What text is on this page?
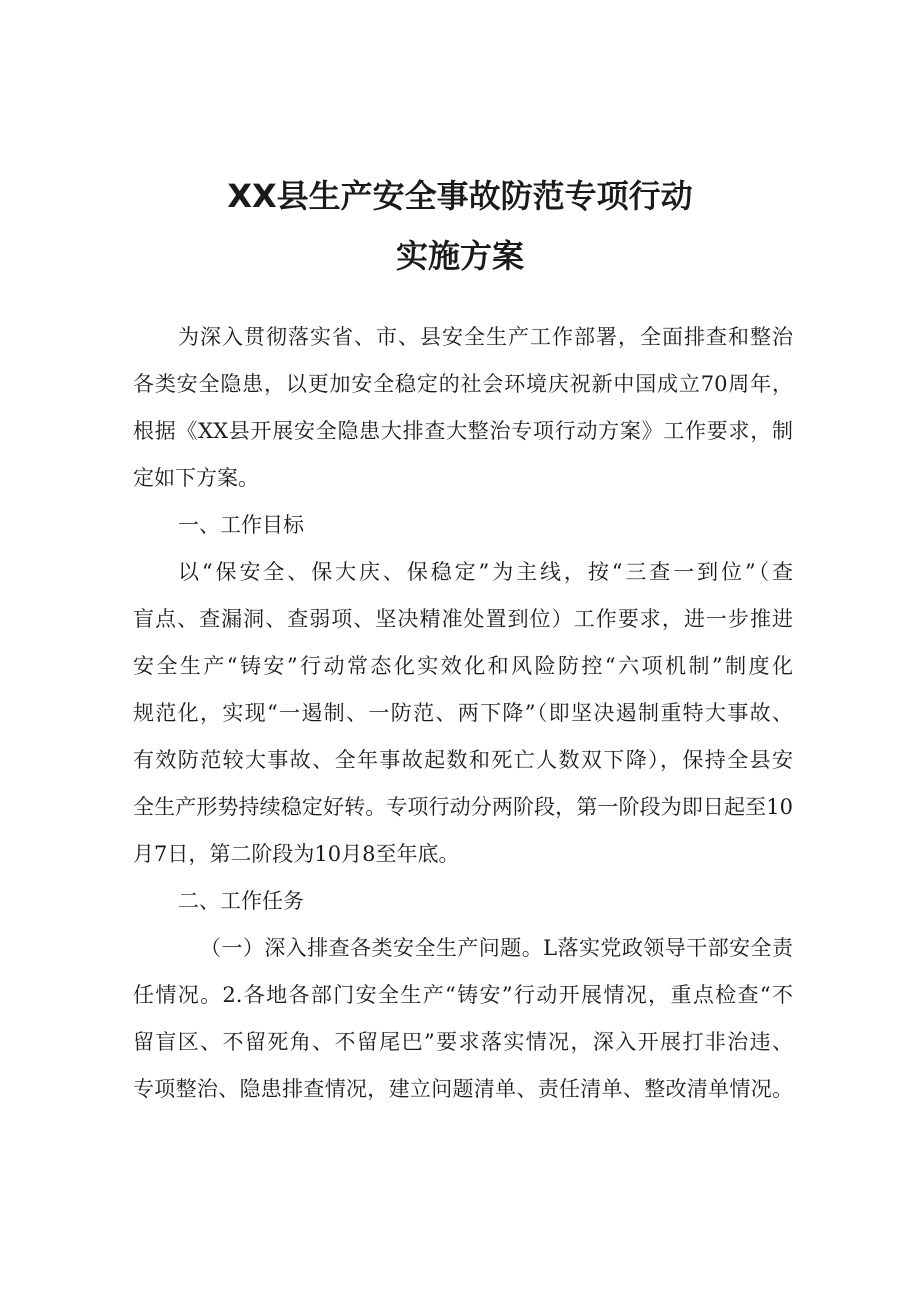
XX县生产安全事故防范专项行动
实施方案
为深入贯彻落实省、市、县安全生产工作部署，全面排查和整治
各类安全隐患，以更加安全稳定的社会环境庆祝新中国成立70周年，
根据《XX县开展安全隐患大排查大整治专项行动方案》工作要求，制
定如下方案。
一、工作目标
以“保安全、保大庆、保稳定”为主线，按“三查一到位”（查
盲点、查漏洞、查弱项、坚决精准处置到位）工作要求，进一步推进
安全生产“铸安”行动常态化实效化和风险防控“六项机制”制度化
规范化，实现“一遏制、一防范、两下降”（即坚决遏制重特大事故、
有效防范较大事故、全年事故起数和死亡人数双下降），保持全县安
全生产形势持续稳定好转。专项行动分两阶段，第一阶段为即日起至10
月7日，第二阶段为10月8至年底。
二、工作任务
（一）深入排查各类安全生产问题。L落实党政领导干部安全责
任情况。2.各地各部门安全生产“铸安”行动开展情况，重点检查“不
留盲区、不留死角、不留尾巴”要求落实情况，深入开展打非治违、
专项整治、隐患排查情况，建立问题清单、责任清单、整改清单情况。
